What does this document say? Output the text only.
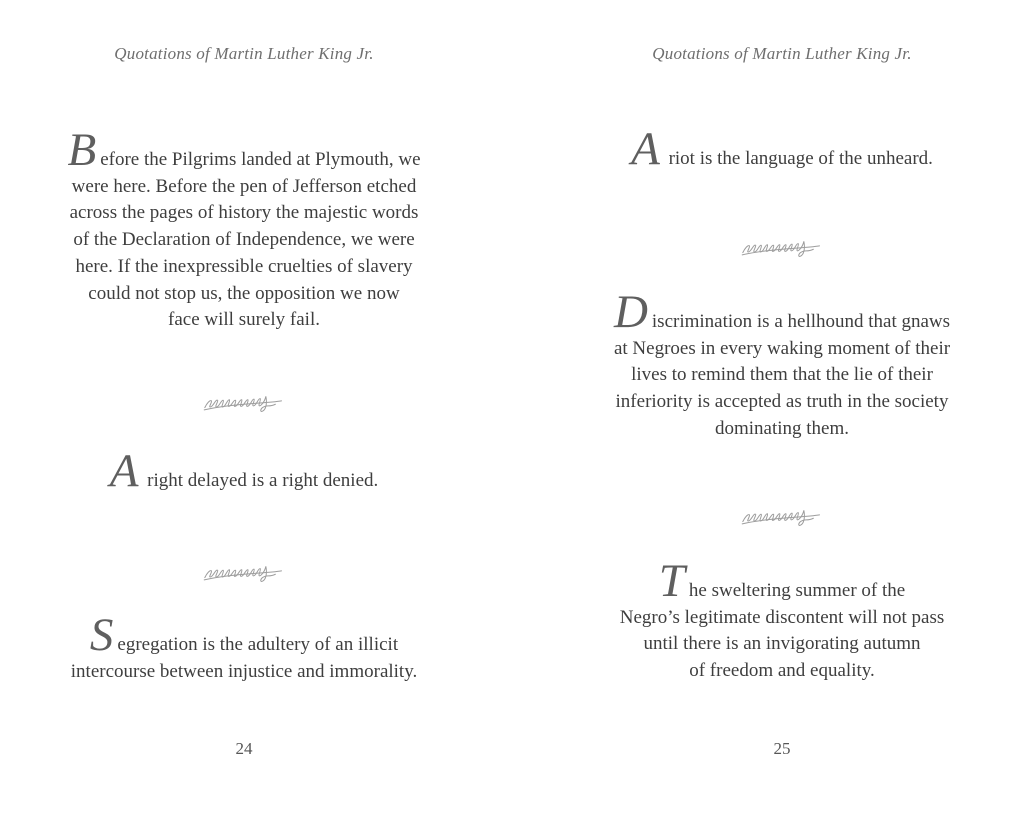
Quotations of Martin Luther King Jr.

Before the Pilgrims landed at Plymouth, we
were here. Before the pen of Jefferson etched
across the pages of history the majestic words
of the Declaration of Independence, we were
here. If the inexpressible cruelties of slavery
could not stop us, the opposition we now
face will surely fail.

A right delayed is a right denied.

Segregation is the adultery of an illicit
intercourse between injustice and immorality.

24
Quotations of Martin Luther King Jr.

A riot is the language of the unheard.

Discrimination is a hellhound that gnaws
at Negroes in every waking moment of their
lives to remind them that the lie of their
inferiority is accepted as truth in the society
dominating them.

The sweltering summer of the
Negro’s legitimate discontent will not pass
until there is an invigorating autumn
of freedom and equality.

25
